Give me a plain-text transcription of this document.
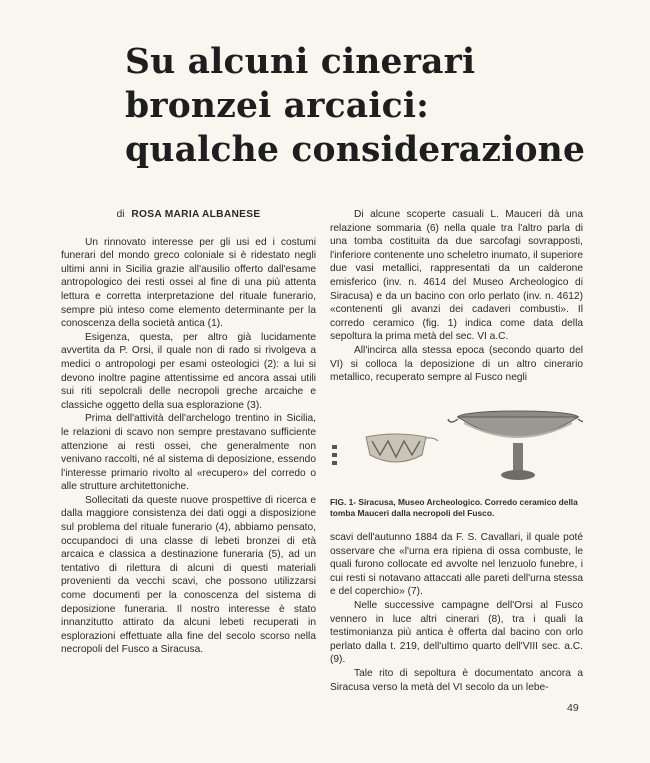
Su alcuni cinerari
bronzei arcaici:
qualche considerazione
di ROSA MARIA ALBANESE

Un rinnovato interesse per gli usi ed i costumi funerari del mondo greco coloniale si è ridestato negli ultimi anni in Sicilia grazie all'ausilio offerto dall'esame antropologico dei resti ossei al fine di una più attenta lettura e corretta interpretazione del rituale funerario, sempre più inteso come elemento determinante per la conoscenza della società antica (1).

Esigenza, questa, per altro già lucidamente avvertita da P. Orsi, il quale non di rado si rivolgeva a medici o antropologi per esami osteologici (2): a lui si devono inoltre pagine attentissime ed ancora assai utili sui riti sepolcrali delle necropoli greche arcaiche e classiche oggetto della sua esplorazione (3).

Prima dell'attività dell'archelogo trentino in Sicilia, le relazioni di scavo non sempre prestavano sufficiente attenzione ai resti ossei, che generalmente non venivano raccolti, né al sistema di deposizione, essendo l'interesse primario rivolto al «recupero» del corredo o alle strutture architettoniche.

Sollecitati da queste nuove prospettive di ricerca e dalla maggiore consistenza dei dati oggi a disposizione sul problema del rituale funerario (4), abbiamo pensato, occupandoci di una classe di lebeti bronzei di età arcaica e classica a destinazione funeraria (5), ad un tentativo di rilettura di alcuni di questi materiali provenienti da vecchi scavi, che possono utilizzarsi come documenti per la conoscenza del sistema di deposizione funeraria. Il nostro interesse è stato innanzitutto attirato da alcuni lebeti recuperati in esplorazioni effettuate alla fine del secolo scorso nella necropoli del Fusco a Siracusa.

Di alcune scoperte casuali L. Mauceri dà una relazione sommaria (6) nella quale tra l'altro parla di una tomba costituita da due sarcofagi sovrapposti, l'inferiore contenente uno scheletro inumato, il superiore due vasi metallici, rappresentati da un calderone emisferico (inv. n. 4614 del Museo Archeologico di Siracusa) e da un bacino con orlo perlato (inv. n. 4612) «contenenti gli avanzi dei cadaveri combusti». Il corredo ceramico (fig. 1) indica come data della sepoltura la prima metà del sec. VI a.C.

All'incirca alla stessa epoca (secondo quarto del VI) si colloca la deposizione di un altro cinerario metallico, recuperato sempre al Fusco negli

FIG. 1- Siracusa, Museo Archeologico. Corredo ceramico della tomba Mauceri dalla necropoli del Fusco.

scavi dell'autunno 1884 da F. S. Cavallari, il quale poté osservare che «l'urna era ripiena di ossa combuste, le quali furono collocate ed avvolte nel lenzuolo funebre, i cui resti si notavano attaccati alle pareti dell'urna stessa e del coperchio» (7).

Nelle successive campagne dell'Orsi al Fusco vennero in luce altri cinerari (8), tra i quali la testimonianza più antica è offerta dal bacino con orlo perlato dalla t. 219, dell'ultimo quarto dell'VIII sec. a.C. (9).

Tale rito di sepoltura è documentato ancora a Siracusa verso la metà del VI secolo da un lebe-

49
